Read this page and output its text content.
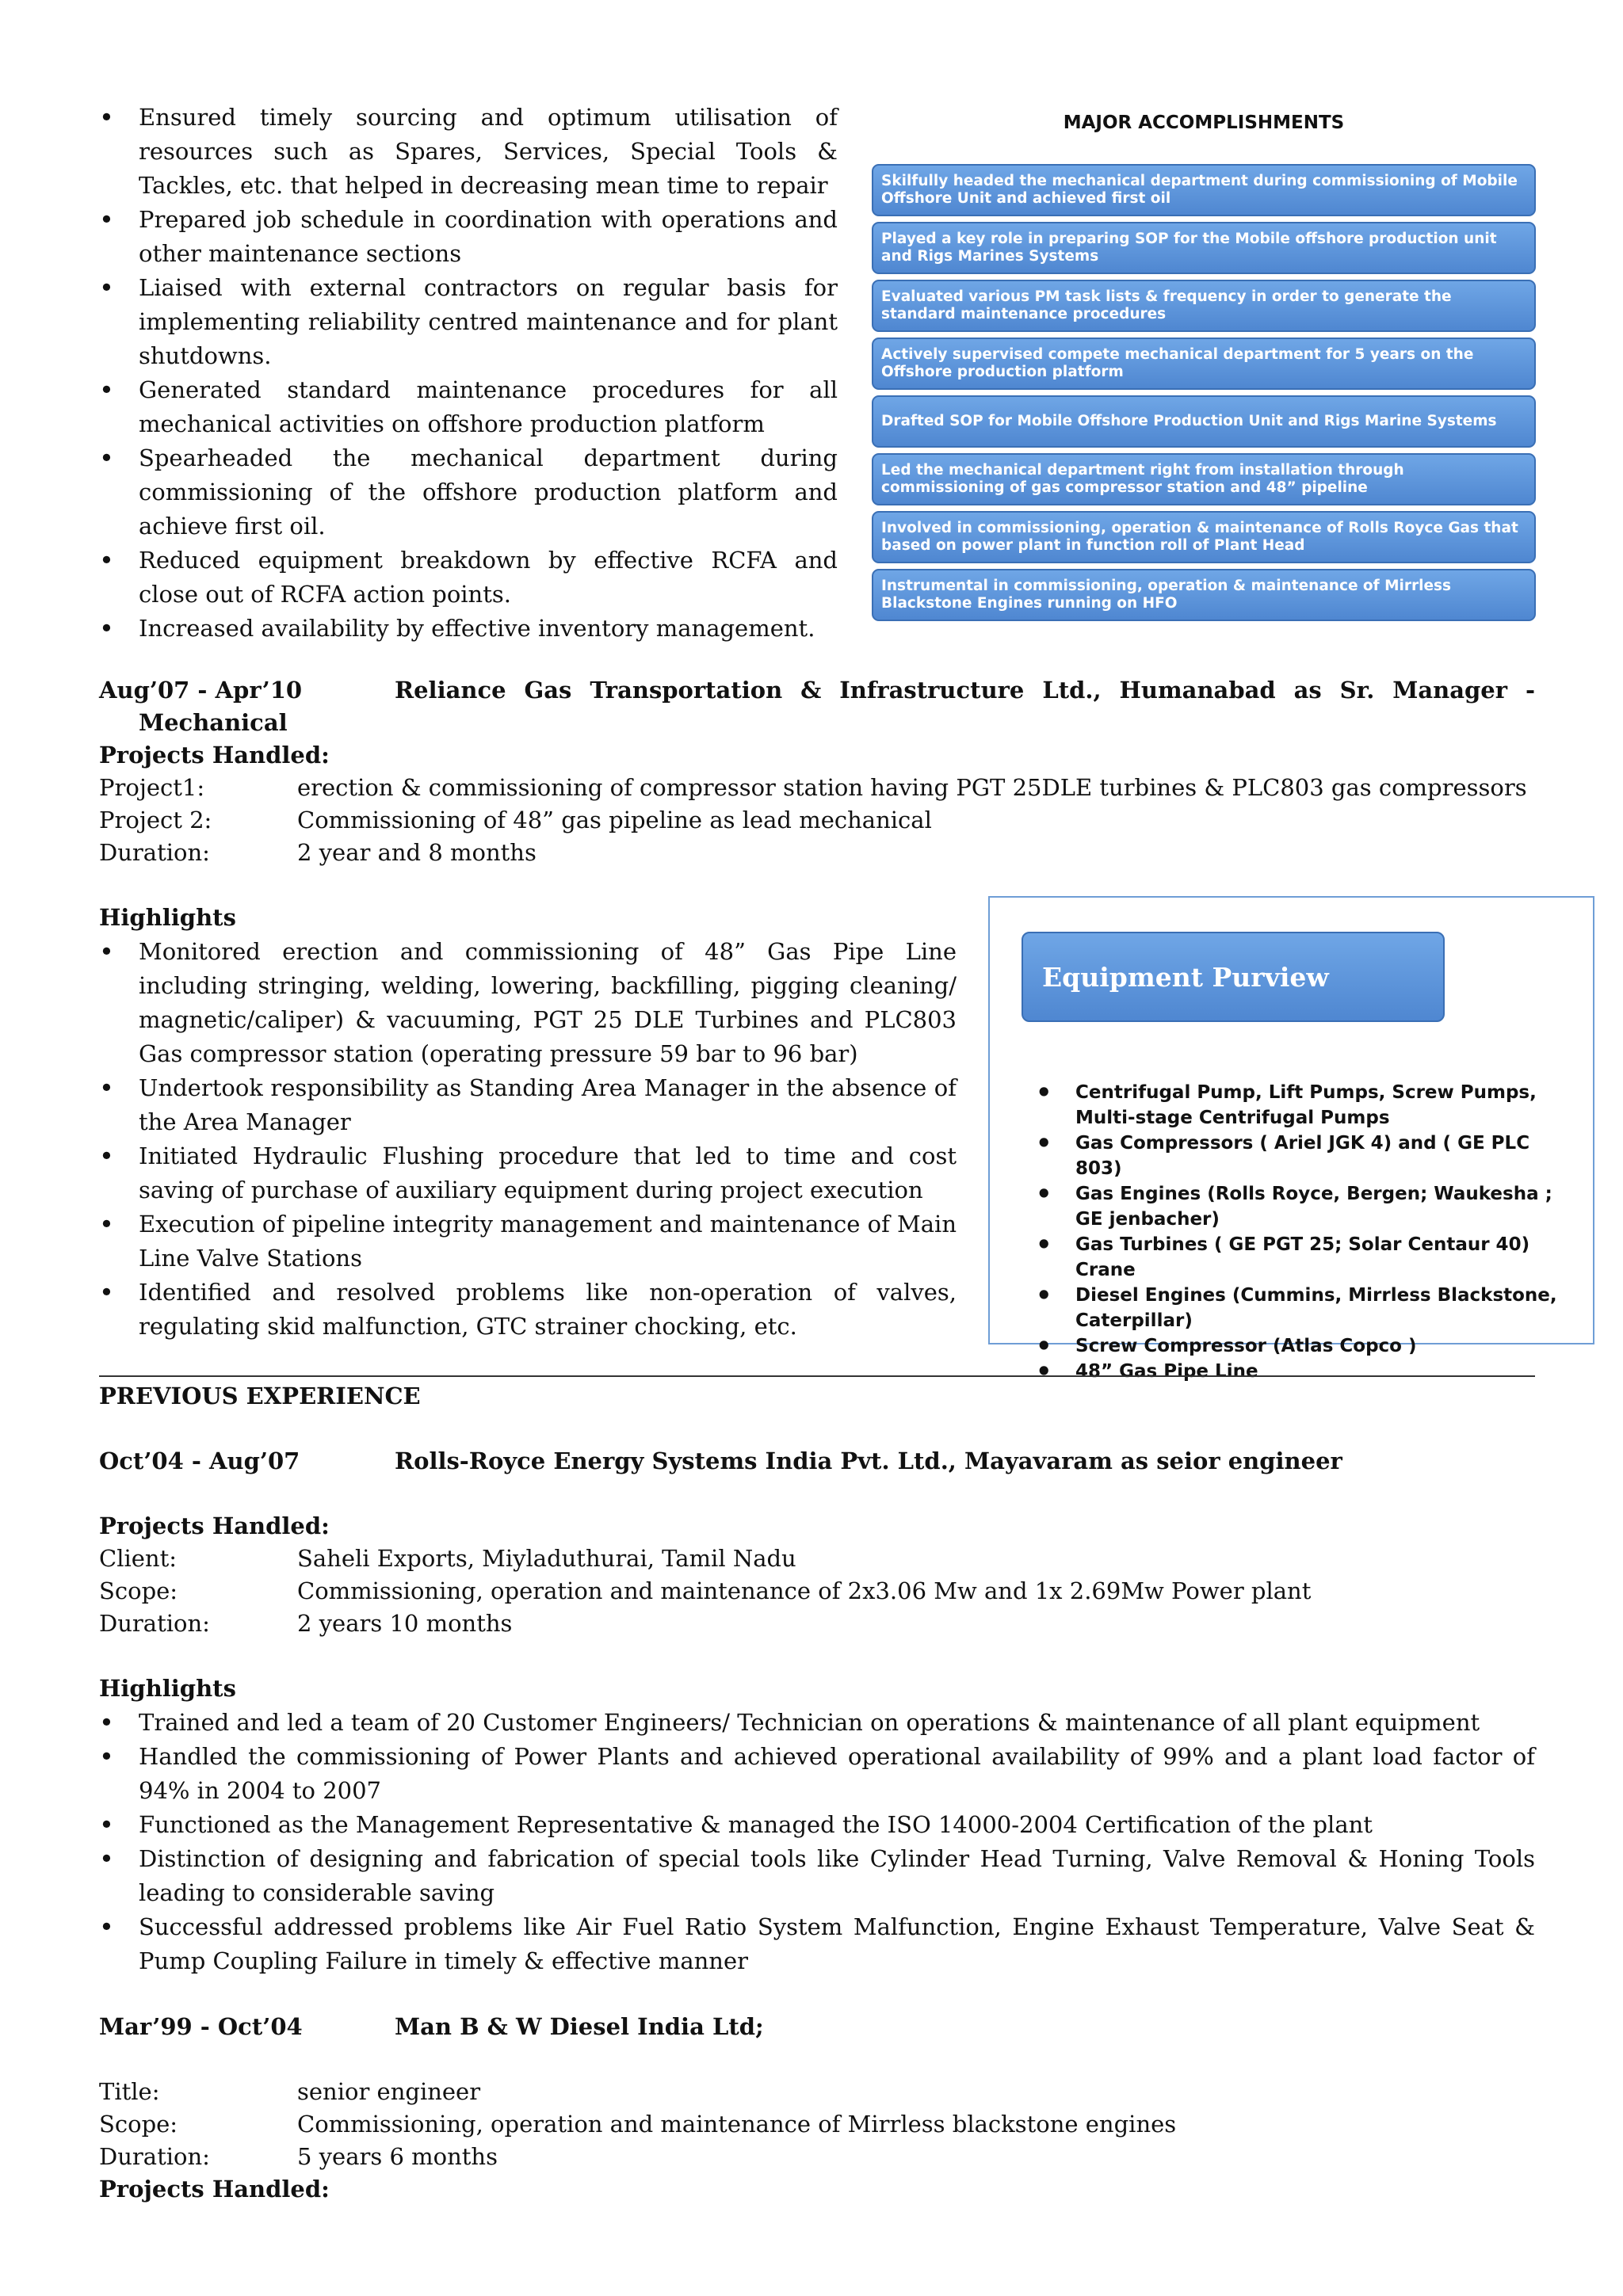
• Ensured timely sourcing and optimum utilisation of resources such as Spares, Services, Special Tools & Tackles, etc. that helped in decreasing mean time to repair
• Prepared job schedule in coordination with operations and other maintenance sections
• Liaised with external contractors on regular basis for implementing reliability centred maintenance and for plant shutdowns.
• Generated standard maintenance procedures for all mechanical activities on offshore production platform
• Spearheaded the mechanical department during commissioning of the offshore production platform and achieve first oil.
• Reduced equipment breakdown by effective RCFA and close out of RCFA action points.
• Increased availability by effective inventory management.
MAJOR ACCOMPLISHMENTS
Skilfully headed the mechanical department during commissioning of Mobile Offshore Unit and achieved first oil
Played a key role in preparing SOP for the Mobile offshore production unit and Rigs Marines Systems
Evaluated various PM task lists & frequency in order to generate the standard maintenance procedures
Actively supervised compete mechanical department for 5 years on the Offshore production platform
Drafted SOP for Mobile Offshore Production Unit and Rigs Marine Systems
Led the mechanical department right from installation through commissioning of gas compressor station and 48” pipeline
Involved in commissioning, operation & maintenance of Rolls Royce Gas that based on power plant in function roll of Plant Head
Instrumental in commissioning, operation & maintenance of Mirrless Blackstone Engines running on HFO
Aug’07 - Apr’10	Reliance Gas Transportation & Infrastructure Ltd., Humanabad as Sr. Manager -
Mechanical
Projects Handled:
Project1:	erection & commissioning of compressor station having PGT 25DLE turbines & PLC803 gas compressors
Project 2:	Commissioning of 48” gas pipeline as lead mechanical
Duration:	2 year and 8 months
Highlights
• Monitored erection and commissioning of 48” Gas Pipe Line including stringing, welding, lowering, backfilling, pigging cleaning/ magnetic/caliper) & vacuuming, PGT 25 DLE Turbines and PLC803 Gas compressor station (operating pressure 59 bar to 96 bar)
• Undertook responsibility as Standing Area Manager in the absence of the Area Manager
• Initiated Hydraulic Flushing procedure that led to time and cost saving of purchase of auxiliary equipment during project execution
• Execution of pipeline integrity management and maintenance of Main Line Valve Stations
• Identified and resolved problems like non-operation of valves, regulating skid malfunction, GTC strainer chocking, etc.
Equipment Purview
• Centrifugal Pump, Lift Pumps, Screw Pumps, Multi-stage Centrifugal Pumps
• Gas Compressors ( Ariel JGK 4) and ( GE PLC 803)
• Gas Engines (Rolls Royce, Bergen; Waukesha ; GE jenbacher)
• Gas Turbines ( GE PGT 25; Solar Centaur 40) Crane
• Diesel Engines (Cummins, Mirrless Blackstone, Caterpillar)
• Screw Compressor (Atlas Copco )
• 48” Gas Pipe Line
PREVIOUS EXPERIENCE
Oct’04 - Aug’07	Rolls-Royce Energy Systems India Pvt. Ltd., Mayavaram as seior engineer
Projects Handled:
Client:	Saheli Exports, Miyladuthurai, Tamil Nadu
Scope:	Commissioning, operation and maintenance of 2x3.06 Mw and 1x 2.69Mw Power plant
Duration:	2 years 10 months
Highlights
• Trained and led a team of 20 Customer Engineers/ Technician on operations & maintenance of all plant equipment
• Handled the commissioning of Power Plants and achieved operational availability of 99% and a plant load factor of 94% in 2004 to 2007
• Functioned as the Management Representative & managed the ISO 14000-2004 Certification of the plant
• Distinction of designing and fabrication of special tools like Cylinder Head Turning, Valve Removal & Honing Tools leading to considerable saving
• Successful addressed problems like Air Fuel Ratio System Malfunction, Engine Exhaust Temperature, Valve Seat & Pump Coupling Failure in timely & effective manner
Mar’99 - Oct’04	Man B & W Diesel India Ltd;
Title:	senior engineer
Scope:	Commissioning, operation and maintenance of Mirrless blackstone engines
Duration:	5 years 6 months
Projects Handled:
